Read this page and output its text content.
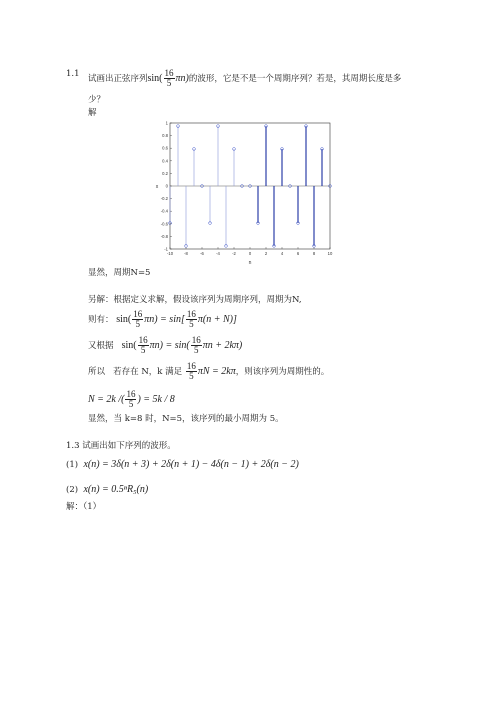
1.1 试画出正弦序列$\sin( \frac{16}{5} \pi n)$的波形，它是不是一个周期序列？若是，其周期长度是多
少？
解
-10	-8	-6	-4	-2	0	2	4	6	8	10
1
0.8
0.6
0.4
0.2
0
-0.2
-0.4
-0.6
-0.8
-1
n
x
显然，周期N=5
另解：根据定义求解，假设该序列为周期序列，周期为N,
则有： $\sin( \frac{16}{5} \pi n) = \sin[ \frac{16}{5} \pi(n + N)]$
又根据 $\sin( \frac{16}{5} \pi n) = \sin( \frac{16}{5}$ πn + 2kπ)
所以 若存在 N，k 满足 $\frac{16}{5}$ πN = 2kπ，则该序列为周期性的。
N = 2k /( $\frac{16}{5}$ ) = 5k / 8
显然，当 k=8 时，N=5，该序列的最小周期为 5。
1.3 试画出如下序列的波形。
(1) x(n) = 3δ(n + 3) + 2δ(n + 1) − 4δ(n − 1) + 2δ(n − 2)
(2) x(n) = 0.5ⁿR₅(n)
解：（1）
